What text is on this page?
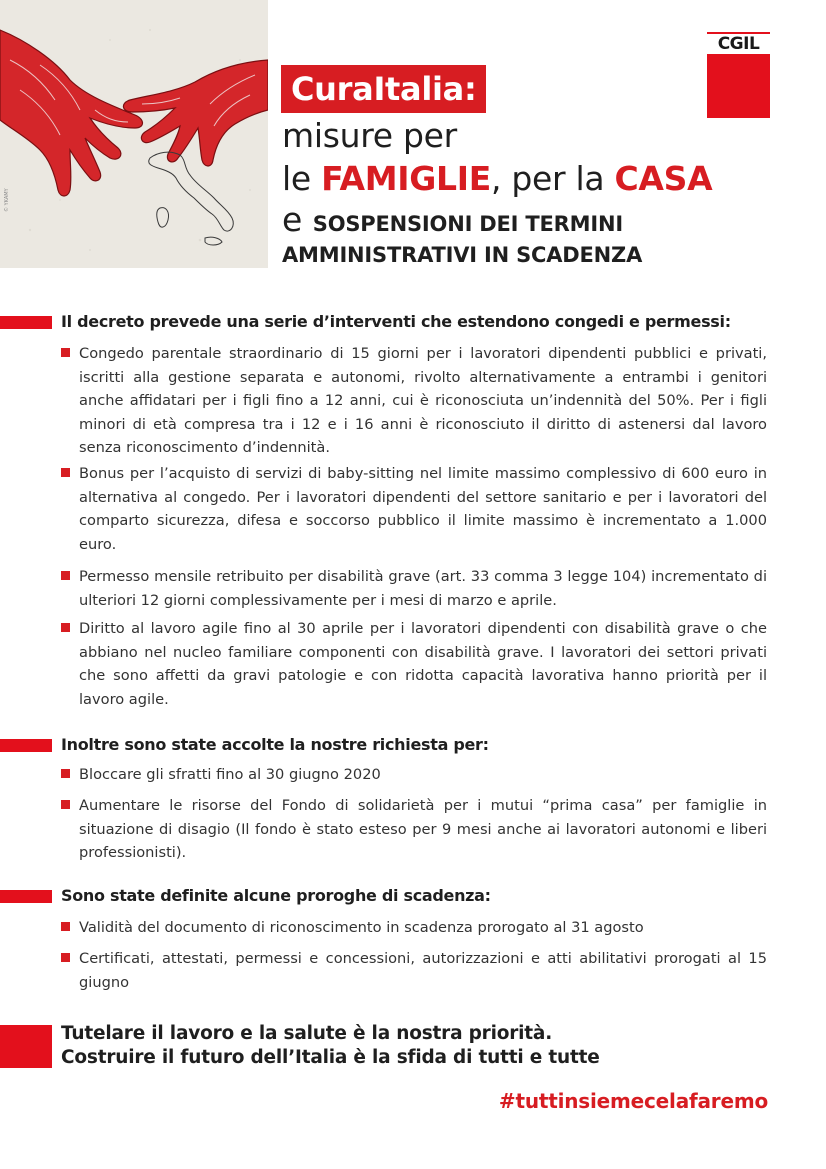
© YKAMY
CGIL
CuraItalia:
misure per
le FAMIGLIE, per la CASA
e SOSPENSIONI DEI TERMINI
AMMINISTRATIVI IN SCADENZA
Il decreto prevede una serie d’interventi che estendono congedi e permessi:
Congedo parentale straordinario di 15 giorni per i lavoratori dipendenti pubblici e privati, iscritti alla gestione separata e autonomi, rivolto alternativamente a entrambi i genitori anche affidatari per i figli fino a 12 anni, cui è riconosciuta un’indennità del 50%. Per i figli minori di età compresa tra i 12 e i 16 anni è riconosciuto il diritto di astenersi dal lavoro senza riconoscimento d’indennità.
Bonus per l’acquisto di servizi di baby-sitting nel limite massimo complessivo di 600 euro in alternativa al congedo. Per i lavoratori dipendenti del settore sanitario e per i lavoratori del comparto sicurezza, difesa e soccorso pubblico il limite massimo è incrementato a 1.000 euro.
Permesso mensile retribuito per disabilità grave (art. 33 comma 3 legge 104) incrementato di ulteriori 12 giorni complessivamente per i mesi di marzo e aprile.
Diritto al lavoro agile fino al 30 aprile per i lavoratori dipendenti con disabilità grave o che abbiano nel nucleo familiare componenti con disabilità grave. I lavoratori dei settori privati che sono affetti da gravi patologie e con ridotta capacità lavorativa hanno priorità per il lavoro agile.
Inoltre sono state accolte la nostre richiesta per:
Bloccare gli sfratti fino al 30 giugno 2020
Aumentare le risorse del Fondo di solidarietà per i mutui “prima casa” per famiglie in situazione di disagio (Il fondo è stato esteso per 9 mesi anche ai lavoratori autonomi e liberi professionisti).
Sono state definite alcune proroghe di scadenza:
Validità del documento di riconoscimento in scadenza prorogato al 31 agosto
Certificati, attestati, permessi e concessioni, autorizzazioni e atti abilitativi prorogati al 15 giugno
Tutelare il lavoro e la salute è la nostra priorità.
Costruire il futuro dell’Italia è la sfida di tutti e tutte
#tuttinsiemecelafaremo
